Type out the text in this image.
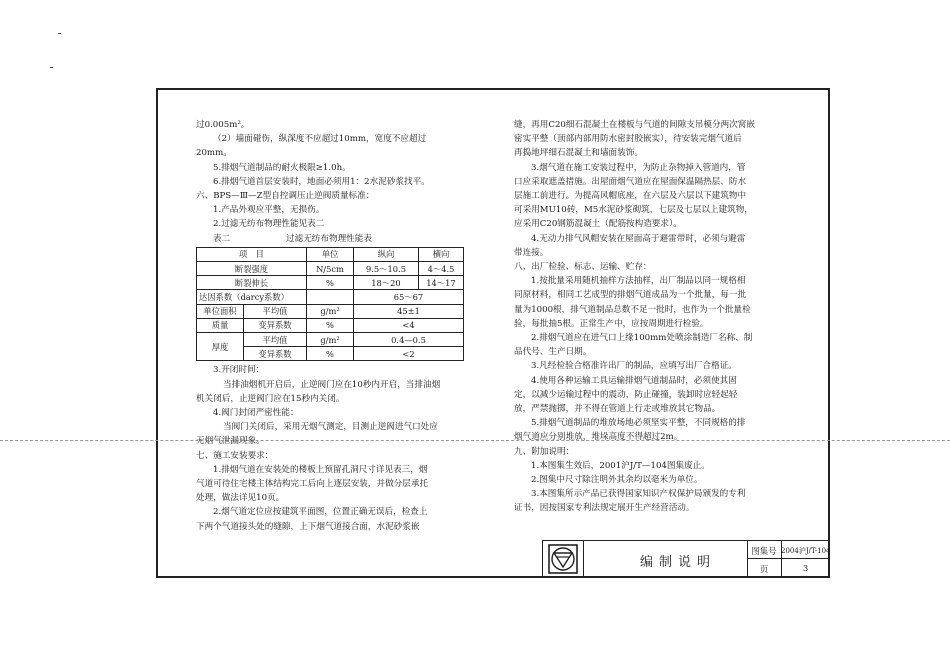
过0.005m²。

（2）墙面碰伤，纵深度不应超过10mm，宽度不应超过

20mm。

5.排烟气道制品的耐火极限≥1.0h。

6.排烟气道首层安装时，地面必须用1：2水泥砂浆找平。

六、BPS—Ⅲ—Z型自控调压止逆阀质量标准：

1.产品外观应平整，无损伤。

2.过滤无纺布物理性能见表二

表二	过滤无纺布物理性能表
项　目		单位	纵向	横向
断裂强度		N/5cm	9.5～10.5	4～4.5
断裂伸长		%	18～20	14～17
达因系数（darcy系数）			65～67	
单位面积	平均值	g/m²	45±1	
质量	变异系数	%	<4	
厚度	平均值	g/m²	0.4—0.5	
	变异系数	%	<2	

3.开闭时间：

当排油烟机开启后，止逆阀门应在10秒内开启，当排油烟

机关闭后，止逆阀门应在15秒内关闭。

4.阀门封闭严密性能：

当阀门关闭后，采用无烟气测定，目测止逆阀进气口处应

无烟气泄漏现象。

七、施工安装要求：

1.排烟气道在安装处的楼板上预留孔洞尺寸详见表三，烟

气道可待住宅楼主体结构完工后向上逐层安装，并做分层承托

处理，做法详见10页。

2.烟气道定位应按建筑平面图，位置正确无误后，检查上

下两个气道接头处的缝隙，上下烟气道接合面，水泥砂浆嵌

缝，再用C20细石混凝土在楼板与气道的间隙支吊模分两次窝嵌

密实平整（顶部内部用防水密封胶嵌实），待安装完烟气道后

再捣地坪细石混凝土和墙面装饰。

3.烟气道在施工安装过程中，为防止杂物掉入管道内，管

口应采取遮盖措施。出屋面烟气道应在屋面保温隔热层、防水

层施工前进行。为提高风帽底座，在六层及六层以下建筑物中

可采用MU10砖，M5水泥砂浆砌筑，七层及七层以上建筑物，

应采用C20钢筋混凝土（配筋按构造要求）。

4.无动力排气风帽安装在屋面高于避雷带时，必须与避雷

带连接。

八、出厂检验、标志、运输、贮存：

1.按批量采用随机抽样方法抽样，出厂制品以同一规格相

同原材料，相同工艺成型的排烟气道成品为一个批量，每一批

量为1000根，排气道制品总数不足一批时，也作为一个批量检

验，每批抽5根。正常生产中，应按周期进行检验。

2.排烟气道应在进气口上缘100mm处喷涂制造厂名称、制

品代号、生产日期。

3.凡经检验合格准许出厂的制品，应填写出厂合格证。

4.使用各种运输工具运输排烟气道制品时，必须使其固

定，以减少运输过程中的震动，防止碰撞，装卸时应轻起轻

放，严禁抛掷，并不得在管道上行走或堆放其它物品。

5.排烟气道制品的堆放场地必须坚实平整，不同规格的排

烟气道应分别堆放，堆垛高度不得超过2m。

九、附加说明：

1.本图集生效后，2001沪J/T—104图集废止。

2.图集中尺寸除注明外其余均以毫米为单位。

3.本图集所示产品已获得国家知识产权保护局颁发的专利

证书，因按国家专利法规定展开生产经营活动。

编制说明
图集号 2004沪J/T-104
页	3
